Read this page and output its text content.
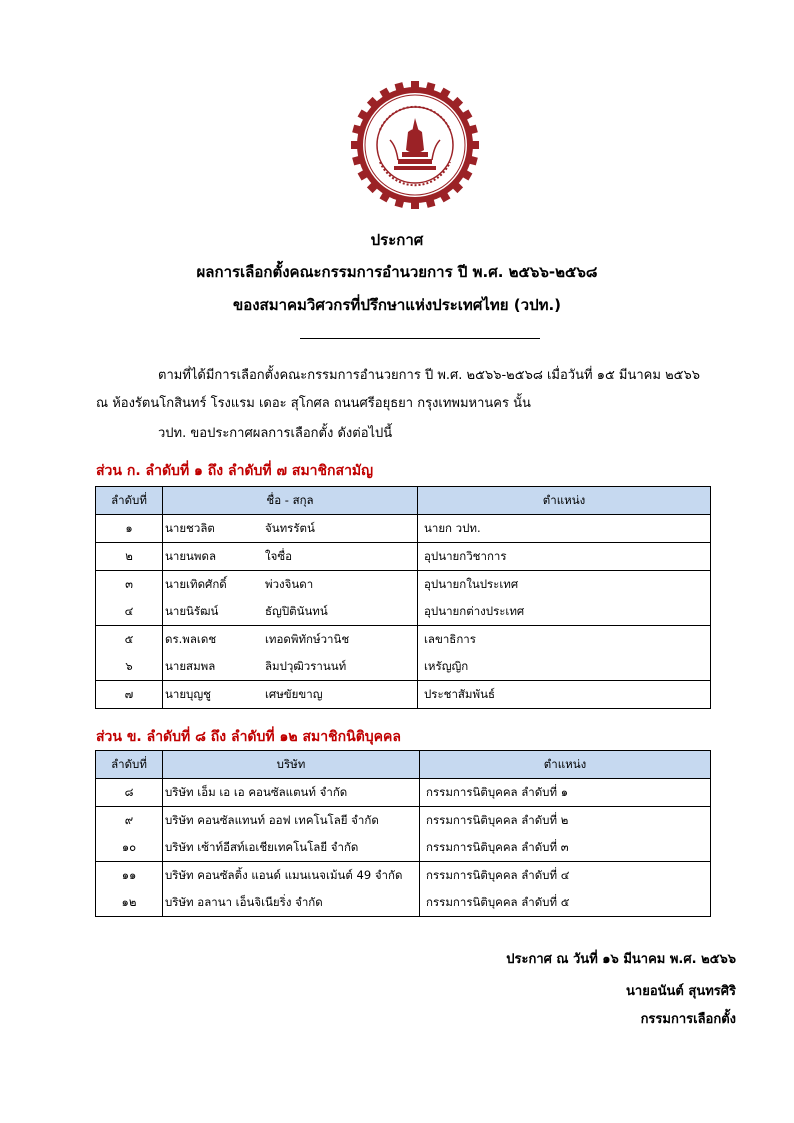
ประกาศ
ผลการเลือกตั้งคณะกรรมการอำนวยการ ปี พ.ศ. ๒๕๖๖-๒๕๖๘
ของสมาคมวิศวกรที่ปรึกษาแห่งประเทศไทย (วปท.)
ตามที่ได้มีการเลือกตั้งคณะกรรมการอำนวยการ ปี พ.ศ. ๒๕๖๖-๒๕๖๘ เมื่อวันที่ ๑๕ มีนาคม ๒๕๖๖
ณ ห้องรัตนโกสินทร์ โรงแรม เดอะ สุโกศล ถนนศรีอยุธยา กรุงเทพมหานคร นั้น
วปท. ขอประกาศผลการเลือกตั้ง ดังต่อไปนี้
ส่วน ก. ลำดับที่ ๑ ถึง ลำดับที่ ๗ สมาชิกสามัญ
ลำดับที่	ชื่อ - สกุล		ตำแหน่ง
๑	นายชวลิต	จันทรรัตน์	นายก วปท.
๒	นายนพดล	ใจซื่อ	อุปนายกวิชาการ
๓	นายเทิดศักดิ์	พ่วงจินดา	อุปนายกในประเทศ
๔	นายนิรัฒน์	ธัญปิตินันทน์	อุปนายกต่างประเทศ
๕	ดร.พลเดช	เทอดพิทักษ์วานิช	เลขาธิการ
๖	นายสมพล	ลิมปวุฒิวรานนท์	เหรัญญิก
๗	นายบุญชู	เศษขัยขาญ	ประชาสัมพันธ์
ส่วน ข. ลำดับที่ ๘ ถึง ลำดับที่ ๑๒ สมาชิกนิติบุคคล
ลำดับที่	บริษัท	ตำแหน่ง
๘	บริษัท เอ็ม เอ เอ คอนซัลแตนท์ จำกัด	กรรมการนิติบุคคล ลำดับที่ ๑
๙	บริษัท คอนซัลแทนท์ ออฟ เทคโนโลยี จำกัด	กรรมการนิติบุคคล ลำดับที่ ๒
๑๐	บริษัท เซ้าท์อีสท์เอเชียเทคโนโลยี จำกัด	กรรมการนิติบุคคล ลำดับที่ ๓
๑๑	บริษัท คอนซัลติ้ง แอนด์ แมนเนจเม้นต์ 49 จำกัด	กรรมการนิติบุคคล ลำดับที่ ๔
๑๒	บริษัท อลานา เอ็นจิเนียริ่ง จำกัด	กรรมการนิติบุคคล ลำดับที่ ๕
ประกาศ ณ วันที่ ๑๖ มีนาคม พ.ศ. ๒๕๖๖
นายอนันต์ สุนทรศิริ
กรรมการเลือกตั้ง
